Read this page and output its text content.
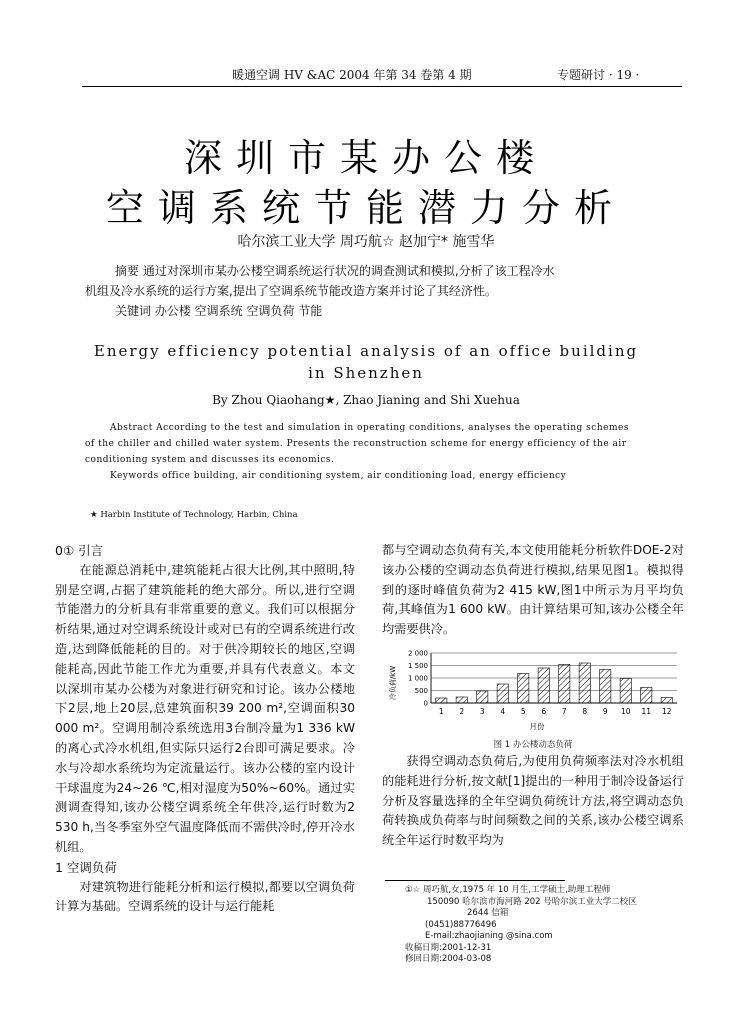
暖通空调 HV &AC 2004 年第 34 卷第 4 期	专题研讨 · 19 ·
深圳市某办公楼
空调系统节能潜力分析
哈尔滨工业大学 周巧航☆ 赵加宁* 施雪华
摘要 通过对深圳市某办公楼空调系统运行状况的调查测试和模拟,分析了该工程冷水
机组及冷水系统的运行方案,提出了空调系统节能改造方案并讨论了其经济性。
关键词 办公楼 空调系统 空调负荷 节能
Energy efficiency potential analysis of an office building
in Shenzhen
By Zhou Qiaohang★, Zhao Jianing and Shi Xuehua
Abstract According to the test and simulation in operating conditions, analyses the operating schemes
of the chiller and chilled water system. Presents the reconstruction scheme for energy efficiency of the air
conditioning system and discusses its economics.
Keywords office building, air conditioning system, air conditioning load, energy efficiency
★ Harbin Institute of Technology, Harbin, China
0① 引言
在能源总消耗中,建筑能耗占很大比例,其中照明,特别是空调,占据了建筑能耗的绝大部分。所以,进行空调节能潜力的分析具有非常重要的意义。我们可以根据分析结果,通过对空调系统设计或对已有的空调系统进行改造,达到降低能耗的目的。对于供冷期较长的地区,空调能耗高,因此节能工作尤为重要,并具有代表意义。本文以深圳市某办公楼为对象进行研究和讨论。该办公楼地下2层,地上20层,总建筑面积39 200 m²,空调面积30 000 m²。空调用制冷系统选用3台制冷量为1 336 kW的离心式冷水机组,但实际只运行2台即可满足要求。冷水与冷却水系统均为定流量运行。该办公楼的室内设计干球温度为24~26 ℃,相对湿度为50%~60%。通过实测调查得知,该办公楼空调系统全年供冷,运行时数为2 530 h,当冬季室外空气温度降低而不需供冷时,停开冷水机组。
1 空调负荷
对建筑物进行能耗分析和运行模拟,都要以空调负荷计算为基础。空调系统的设计与运行能耗
都与空调动态负荷有关,本文使用能耗分析软件DOE-2对该办公楼的空调动态负荷进行模拟,结果见图1。模拟得到的逐时峰值负荷为2 415 kW,图1中所示为月平均负荷,其峰值为1 600 kW。由计算结果可知,该办公楼全年均需要供冷。
0
500
1 000
1 500
2 000
1 2 3 4 5 6 7 8 9 10 11 12
冷负荷/kW
月份
图 1 办公楼动态负荷
获得空调动态负荷后,为使用负荷频率法对冷水机组的能耗进行分析,按文献[1]提出的一种用于制冷设备运行分析及容量选择的全年空调负荷统计方法,将空调动态负荷转换成负荷率与时间频数之间的关系,该办公楼空调系统全年运行时数平均为
①☆ 周巧航,女,1975 年 10 月生,工学硕士,助理工程师
150090 哈尔滨市海河路 202 号哈尔滨工业大学二校区
2644 信箱
(0451)88776496
E-mail:zhaojianing @sina.com
收稿日期:2001-12-31
修回日期:2004-03-08
